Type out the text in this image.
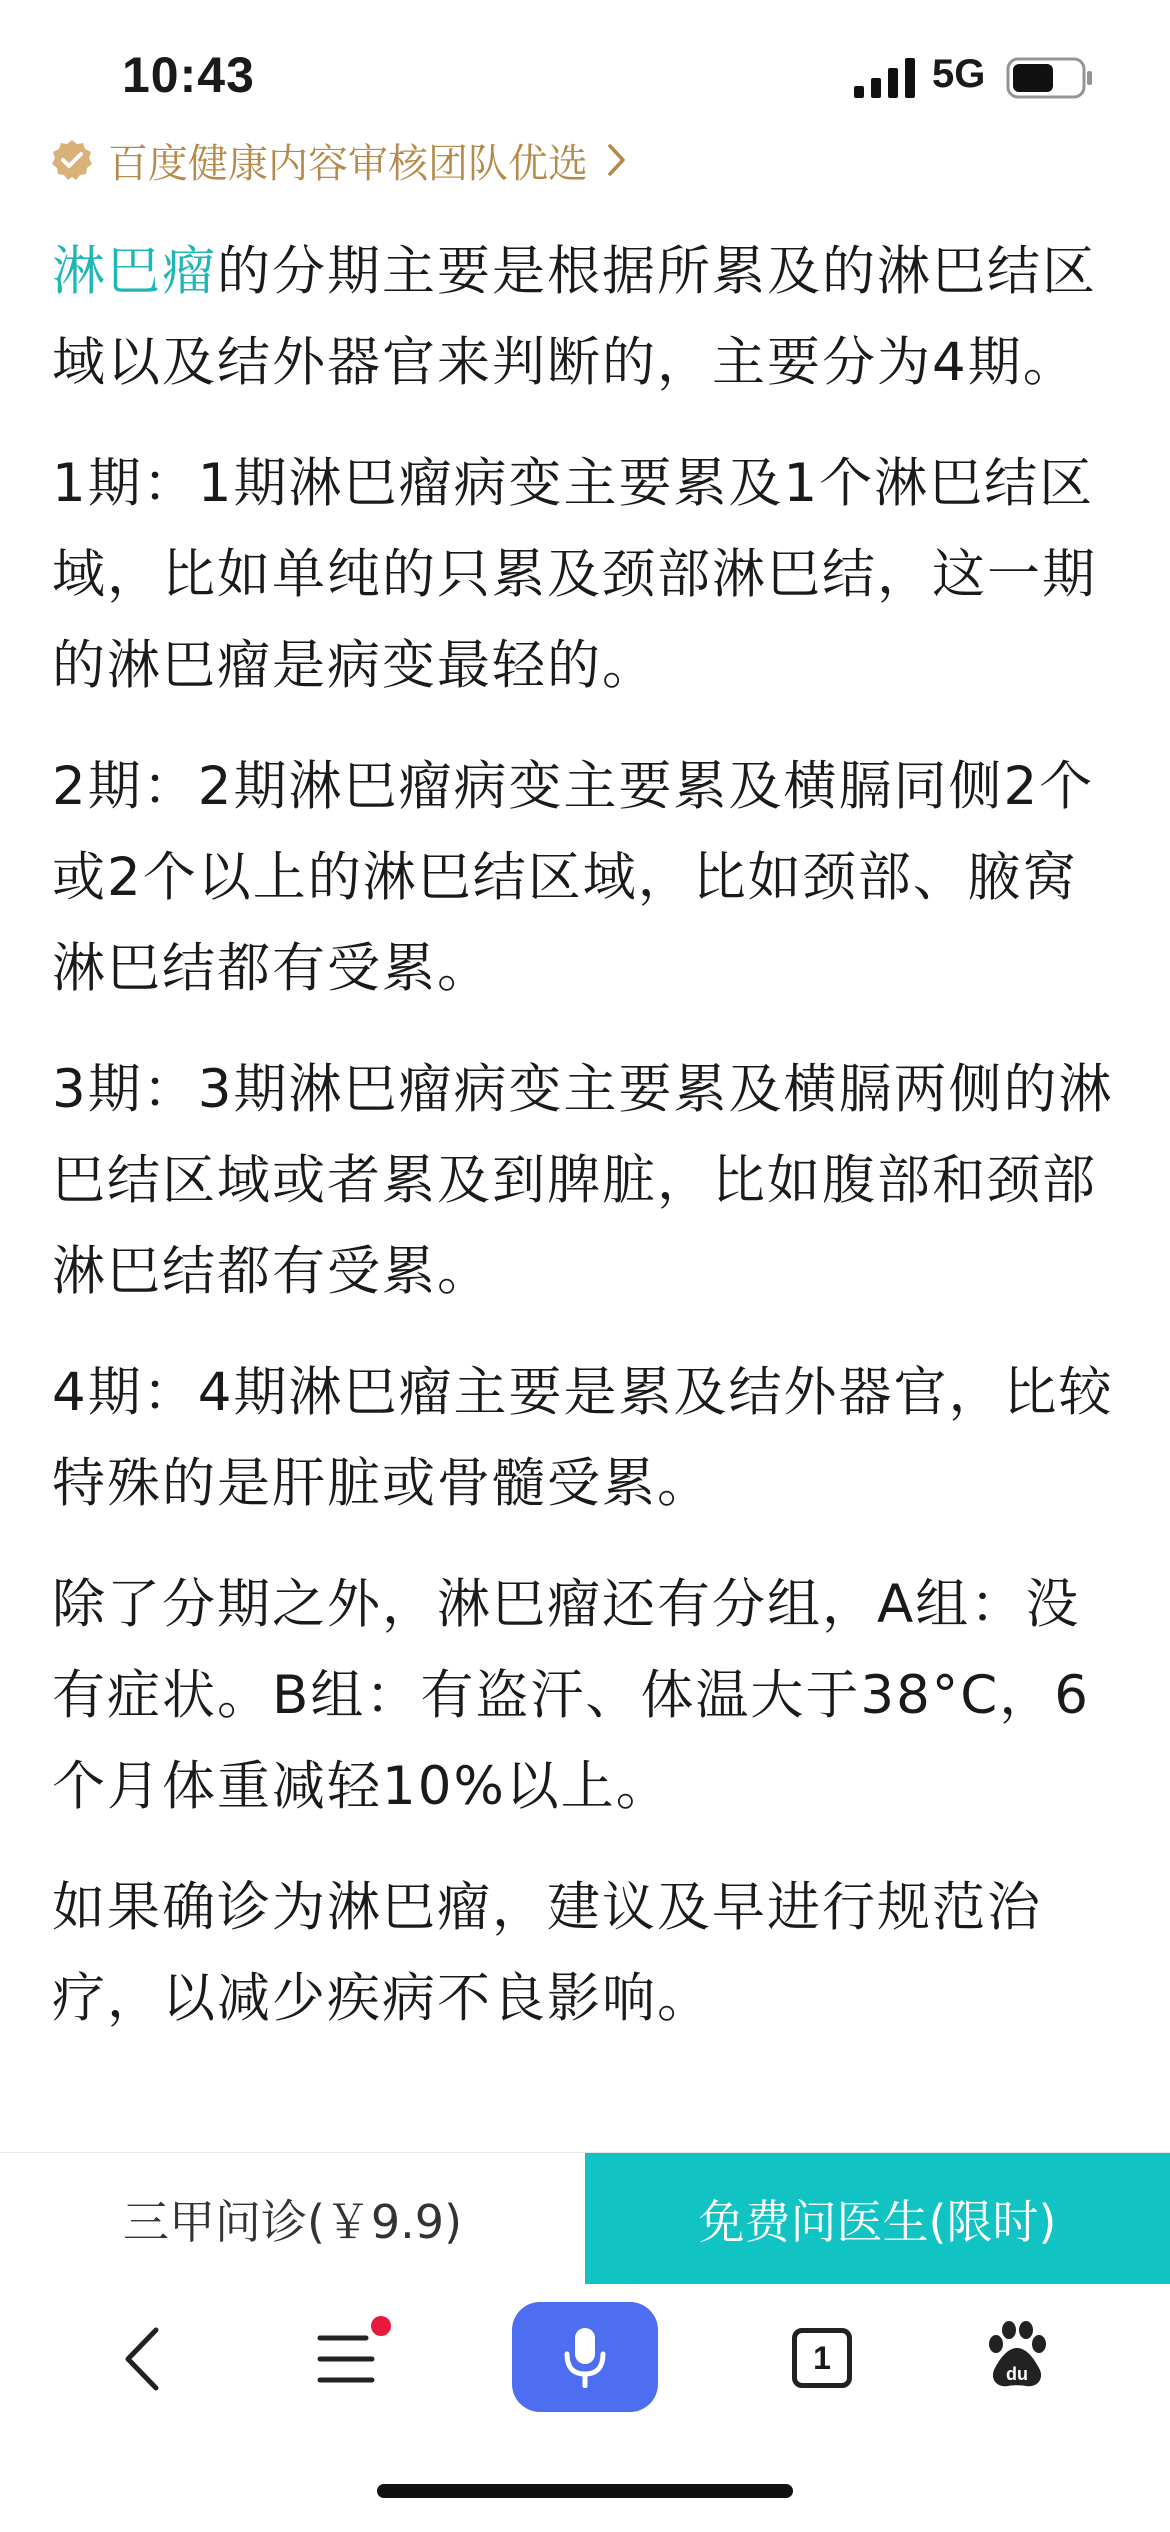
10:43	5G
百度健康内容审核团队优选

淋巴瘤的分期主要是根据所累及的淋巴结区域以及结外器官来判断的，主要分为4期。

1期：1期淋巴瘤病变主要累及1个淋巴结区域，比如单纯的只累及颈部淋巴结，这一期的淋巴瘤是病变最轻的。

2期：2期淋巴瘤病变主要累及横膈同侧2个或2个以上的淋巴结区域，比如颈部、腋窝淋巴结都有受累。

3期：3期淋巴瘤病变主要累及横膈两侧的淋巴结区域或者累及到脾脏，比如腹部和颈部淋巴结都有受累。

4期：4期淋巴瘤主要是累及结外器官，比较特殊的是肝脏或骨髓受累。

除了分期之外，淋巴瘤还有分组，A组：没有症状。B组：有盗汗、体温大于38°C，6个月体重减轻10%以上。

如果确诊为淋巴瘤，建议及早进行规范治疗，以减少疾病不良影响。

三甲问诊(￥9.9)	免费问医生(限时)
1	du
